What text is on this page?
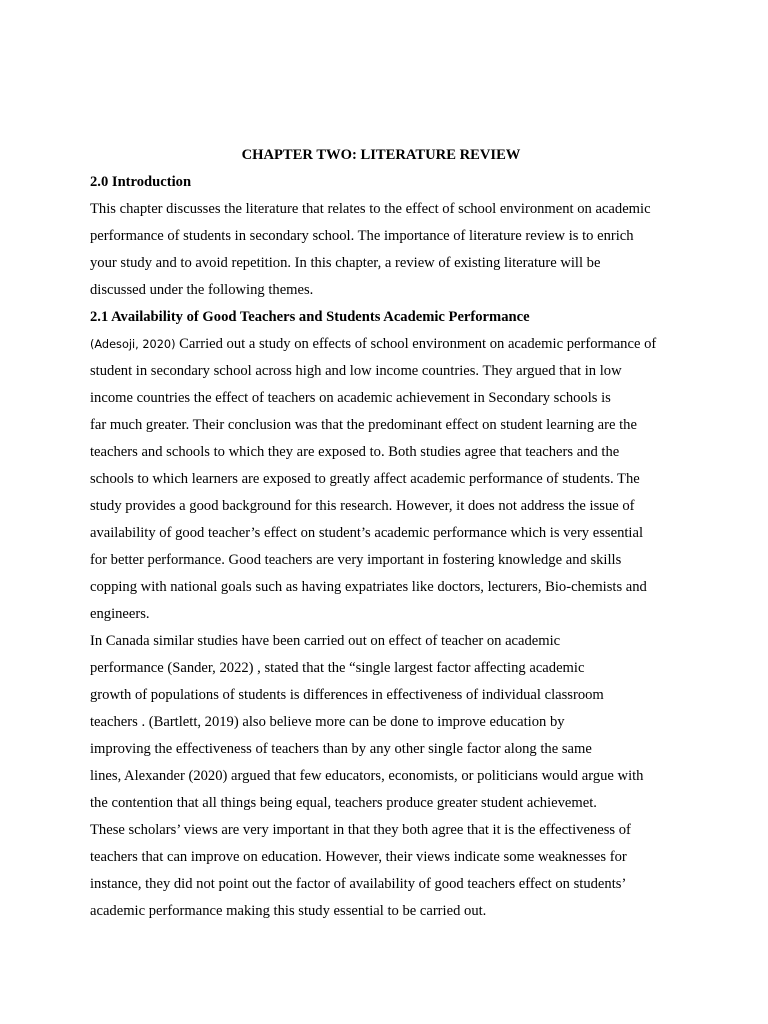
CHAPTER TWO: LITERATURE REVIEW
2.0 Introduction
This chapter discusses the literature that relates to the effect of school environment on academic
performance of students in secondary school. The importance of literature review is to enrich
your study and to avoid repetition. In this chapter, a review of existing literature will be
discussed under the following themes.
2.1 Availability of Good Teachers and Students Academic Performance
(Adesoji, 2020) Carried out a study on effects of school environment on academic performance of
student in secondary school across high and low income countries. They argued that in low
income countries the effect of teachers on academic achievement in Secondary schools is
far much greater. Their conclusion was that the predominant effect on student learning are the
teachers and schools to which they are exposed to. Both studies agree that teachers and the
schools to which learners are exposed to greatly affect academic performance of students. The
study provides a good background for this research. However, it does not address the issue of
availability of good teacher’s effect on student’s academic performance which is very essential
for better performance. Good teachers are very important in fostering knowledge and skills
copping with national goals such as having expatriates like doctors, lecturers, Bio-chemists and
engineers.
In Canada similar studies have been carried out on effect of teacher on academic
performance (Sander, 2022) , stated that the “single largest factor affecting academic
growth of populations of students is differences in effectiveness of individual classroom
teachers . (Bartlett, 2019) also believe more can be done to improve education by
improving the effectiveness of teachers than by any other single factor along the same
lines, Alexander (2020) argued that few educators, economists, or politicians would argue with
the contention that all things being equal, teachers produce greater student achievemet.
These scholars’ views are very important in that they both agree that it is the effectiveness of
teachers that can improve on education. However, their views indicate some weaknesses for
instance, they did not point out the factor of availability of good teachers effect on students’
academic performance making this study essential to be carried out.
